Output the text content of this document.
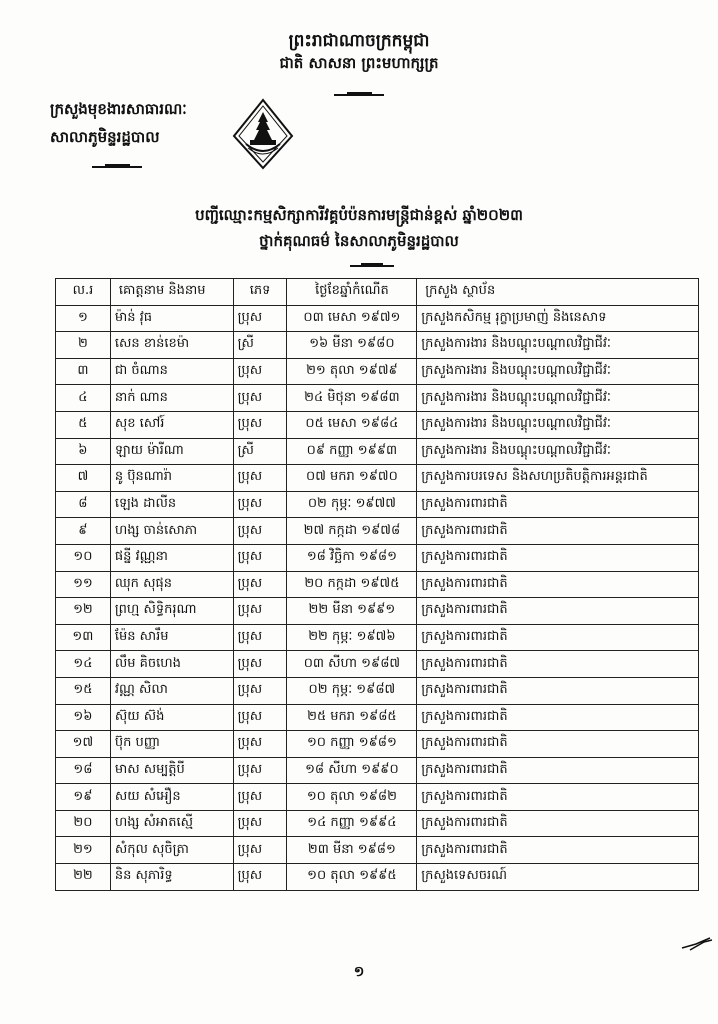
ព្រះរាជាណាចក្រកម្ពុជា
ជាតិ សាសនា ព្រះមហាក្សត្រ
ក្រសួងមុខងារសាធារណៈ
សាលាភូមិន្ទរដ្ឋបាល
បញ្ជីឈ្មោះកម្មសិក្សាការីវគ្គបំប៉នការមន្ត្រីជាន់ខ្ពស់ ឆ្នាំ២០២៣
ថ្នាក់គុណធម៌ នៃសាលាភូមិន្ទរដ្ឋបាល
ល.រ	គោត្តនាម និងនាម	ភេទ	ថ្ងៃខែឆ្នាំកំណើត	ក្រសួង ស្ថាប័ន
១	ម៉ាន់ វុធ	ប្រុស	០៣ មេសា ១៩៧១	ក្រសួងកសិកម្ម រុក្ខាប្រមាញ់ និងនេសាទ
២	សេន ខាន់ខេម៉ា	ស្រី	១៦ មីនា ១៩៨០	ក្រសួងការងារ និងបណ្តុះបណ្តាលវិជ្ជាជីវៈ
៣	ជា ចំណាន	ប្រុស	២១ តុលា ១៩៧៩	ក្រសួងការងារ និងបណ្តុះបណ្តាលវិជ្ជាជីវៈ
៤	នាក់ ណាន	ប្រុស	២៤ មិថុនា ១៩៨៣	ក្រសួងការងារ និងបណ្តុះបណ្តាលវិជ្ជាជីវៈ
៥	សុខ សៅរ៍	ប្រុស	០៥ មេសា ១៩៨៤	ក្រសួងការងារ និងបណ្តុះបណ្តាលវិជ្ជាជីវៈ
៦	ឡាយ ម៉ារីណា	ស្រី	០៩ កញ្ញា ១៩៩៣	ក្រសួងការងារ និងបណ្តុះបណ្តាលវិជ្ជាជីវៈ
៧	នូ ប៊ុនណារ៉ា	ប្រុស	០៧ មករា ១៩៧០	ក្រសួងការបរទេស និងសហប្រតិបត្តិការអន្តរជាតិ
៨	ឡេង ដាលីន	ប្រុស	០២ កុម្ភៈ ១៩៧៧	ក្រសួងការពារជាតិ
៩	ហង្ស ចាន់សោភា	ប្រុស	២៧ កក្កដា ១៩៧៨	ក្រសួងការពារជាតិ
១០	ផន្នី វណ្ណនា	ប្រុស	១៨ វិច្ឆិកា ១៩៨១	ក្រសួងការពារជាតិ
១១	ឈុក សុផុន	ប្រុស	២០ កក្កដា ១៩៧៥	ក្រសួងការពារជាតិ
១២	ព្រហ្ម សិទ្ធិករុណា	ប្រុស	២២ មីនា ១៩៩១	ក្រសួងការពារជាតិ
១៣	ម៉ែន សារឹម	ប្រុស	២២ កុម្ភៈ ១៩៧៦	ក្រសួងការពារជាតិ
១៤	លឹម គិចហេង	ប្រុស	០៣ សីហា ១៩៨៧	ក្រសួងការពារជាតិ
១៥	វណ្ណ សិលា	ប្រុស	០២ កុម្ភៈ ១៩៨៧	ក្រសួងការពារជាតិ
១៦	ស៊ុយ ស៊ង់	ប្រុស	២៥ មករា ១៩៨៥	ក្រសួងការពារជាតិ
១៧	ប៊ុក បញ្ញា	ប្រុស	១០ កញ្ញា ១៩៨១	ក្រសួងការពារជាតិ
១៨	មាស សម្បត្តិបី	ប្រុស	១៨ សីហា ១៩៩០	ក្រសួងការពារជាតិ
១៩	សយ សំអឿន	ប្រុស	១០ តុលា ១៩៨២	ក្រសួងការពារជាតិ
២០	ហង្ស សំអាតស្មើ	ប្រុស	១៤ កញ្ញា ១៩៩៤	ក្រសួងការពារជាតិ
២១	សំកុល សុចិត្រា	ប្រុស	២៣ មីនា ១៩៨១	ក្រសួងការពារជាតិ
២២	និន សុភារិទ្ធ	ប្រុស	១០ តុលា ១៩៩៥	ក្រសួងទេសចរណ៍
១
